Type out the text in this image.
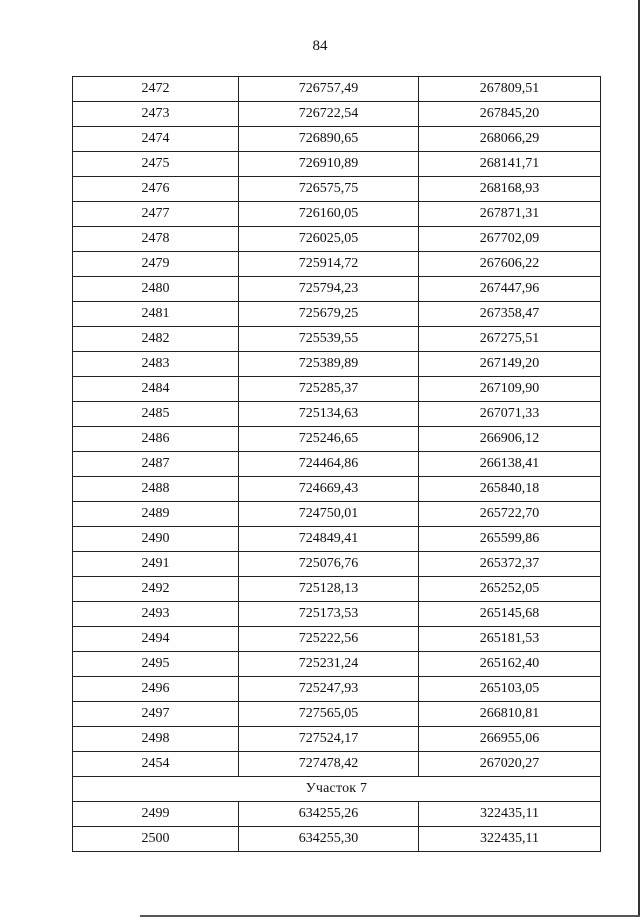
84
2472	726757,49	267809,51
2473	726722,54	267845,20
2474	726890,65	268066,29
2475	726910,89	268141,71
2476	726575,75	268168,93
2477	726160,05	267871,31
2478	726025,05	267702,09
2479	725914,72	267606,22
2480	725794,23	267447,96
2481	725679,25	267358,47
2482	725539,55	267275,51
2483	725389,89	267149,20
2484	725285,37	267109,90
2485	725134,63	267071,33
2486	725246,65	266906,12
2487	724464,86	266138,41
2488	724669,43	265840,18
2489	724750,01	265722,70
2490	724849,41	265599,86
2491	725076,76	265372,37
2492	725128,13	265252,05
2493	725173,53	265145,68
2494	725222,56	265181,53
2495	725231,24	265162,40
2496	725247,93	265103,05
2497	727565,05	266810,81
2498	727524,17	266955,06
2454	727478,42	267020,27
Участок 7		
2499	634255,26	322435,11
2500	634255,30	322435,11
